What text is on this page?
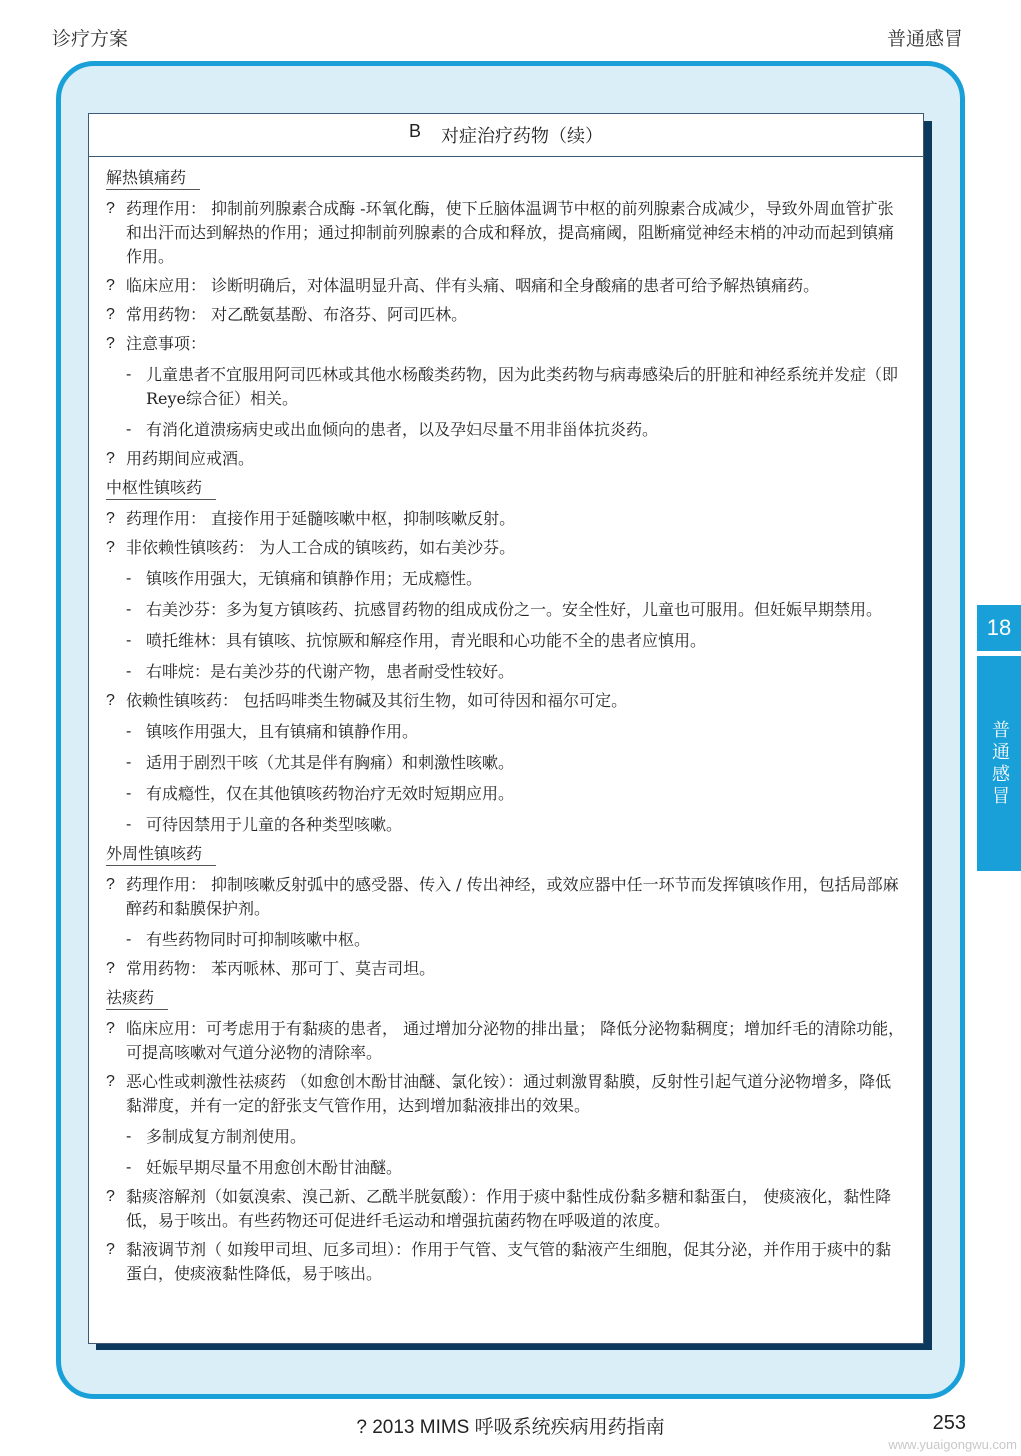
诊疗方案	普通感冒
B 对症治疗药物（续）
解热镇痛药
? 药理作用： 抑制前列腺素合成酶 -环氧化酶，使下丘脑体温调节中枢的前列腺素合成减少，导致外周血管扩张和出汗而达到解热的作用；通过抑制前列腺素的合成和释放，提高痛阈，阻断痛觉神经末梢的冲动而起到镇痛作用。
? 临床应用： 诊断明确后，对体温明显升高、伴有头痛、咽痛和全身酸痛的患者可给予解热镇痛药。
? 常用药物： 对乙酰氨基酚、布洛芬、阿司匹林。
? 注意事项：
- 儿童患者不宜服用阿司匹林或其他水杨酸类药物，因为此类药物与病毒感染后的肝脏和神经系统并发症（即 Reye综合征）相关。
- 有消化道溃疡病史或出血倾向的患者，以及孕妇尽量不用非甾体抗炎药。
? 用药期间应戒酒。
中枢性镇咳药
? 药理作用： 直接作用于延髓咳嗽中枢，抑制咳嗽反射。
? 非依赖性镇咳药： 为人工合成的镇咳药，如右美沙芬。
- 镇咳作用强大，无镇痛和镇静作用；无成瘾性。
- 右美沙芬：多为复方镇咳药、抗感冒药物的组成成份之一。安全性好，儿童也可服用。但妊娠早期禁用。
- 喷托维林：具有镇咳、抗惊厥和解痉作用，青光眼和心功能不全的患者应慎用。
- 右啡烷：是右美沙芬的代谢产物，患者耐受性较好。
? 依赖性镇咳药： 包括吗啡类生物碱及其衍生物，如可待因和福尔可定。
- 镇咳作用强大，且有镇痛和镇静作用。
- 适用于剧烈干咳（尤其是伴有胸痛）和刺激性咳嗽。
- 有成瘾性，仅在其他镇咳药物治疗无效时短期应用。
- 可待因禁用于儿童的各种类型咳嗽。
外周性镇咳药
? 药理作用： 抑制咳嗽反射弧中的感受器、传入 / 传出神经，或效应器中任一环节而发挥镇咳作用，包括局部麻醉药和黏膜保护剂。
- 有些药物同时可抑制咳嗽中枢。
? 常用药物： 苯丙哌林、那可丁、莫吉司坦。
祛痰药
? 临床应用：可考虑用于有黏痰的患者， 通过增加分泌物的排出量； 降低分泌物黏稠度；增加纤毛的清除功能，可提高咳嗽对气道分泌物的清除率。
? 恶心性或刺激性祛痰药 （如愈创木酚甘油醚、氯化铵）：通过刺激胃黏膜，反射性引起气道分泌物增多，降低黏滞度，并有一定的舒张支气管作用，达到增加黏液排出的效果。
- 多制成复方制剂使用。
- 妊娠早期尽量不用愈创木酚甘油醚。
? 黏痰溶解剂（如氨溴索、溴己新、乙酰半胱氨酸）：作用于痰中黏性成份黏多糖和黏蛋白， 使痰液化，黏性降低，易于咳出。有些药物还可促进纤毛运动和增强抗菌药物在呼吸道的浓度。
? 黏液调节剂（ 如羧甲司坦、厄多司坦）：作用于气管、支气管的黏液产生细胞，促其分泌，并作用于痰中的黏蛋白，使痰液黏性降低，易于咳出。
18
普通感冒
? 2013 MIMS 呼吸系统疾病用药指南	253
www.yuaigongwu.com
